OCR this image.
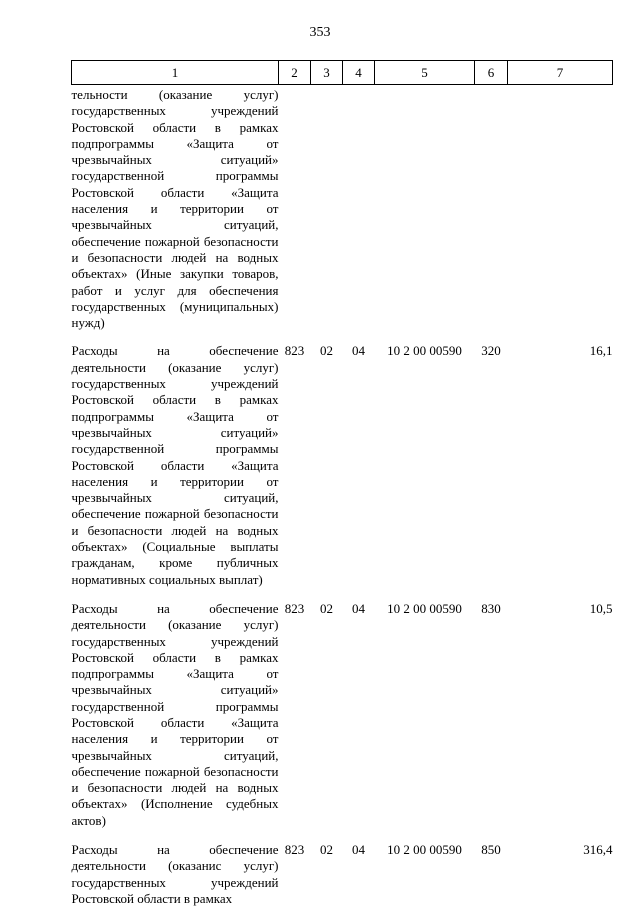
353
1	2	3	4	5	6	7
тельности (оказание услуг) государственных учреждений Ростовской области в рамках подпрограммы «Защита от чрезвычайных ситуаций» государственной программы Ростовской области «Защита населения и территории от чрезвычайных ситуаций, обеспечение пожарной безопасности и безопасности людей на водных объектах» (Иные закупки товаров, работ и услуг для обеспечения государственных (муниципальных) нужд)						
Расходы на обеспечение деятельности (оказание услуг) государственных учреждений Ростовской области в рамках подпрограммы «Защита от чрезвычайных ситуаций» государственной программы Ростовской области «Защита населения и территории от чрезвычайных ситуаций, обеспечение пожарной безопасности и безопасности людей на водных объектах» (Социальные выплаты гражданам, кроме публичных нормативных социальных выплат)	823	02	04	10 2 00 00590	320	16,1
Расходы на обеспечение деятельности (оказание услуг) государственных учреждений Ростовской области в рамках подпрограммы «Защита от чрезвычайных ситуаций» государственной программы Ростовской области «Защита населения и территории от чрезвычайных ситуаций, обеспечение пожарной безопасности и безопасности людей на водных объектах» (Исполнение судебных актов)	823	02	04	10 2 00 00590	830	10,5
Расходы на обеспечение деятельности (оказанис услуг) государственных учреждений Ростовской области в рамках	823	02	04	10 2 00 00590	850	316,4
